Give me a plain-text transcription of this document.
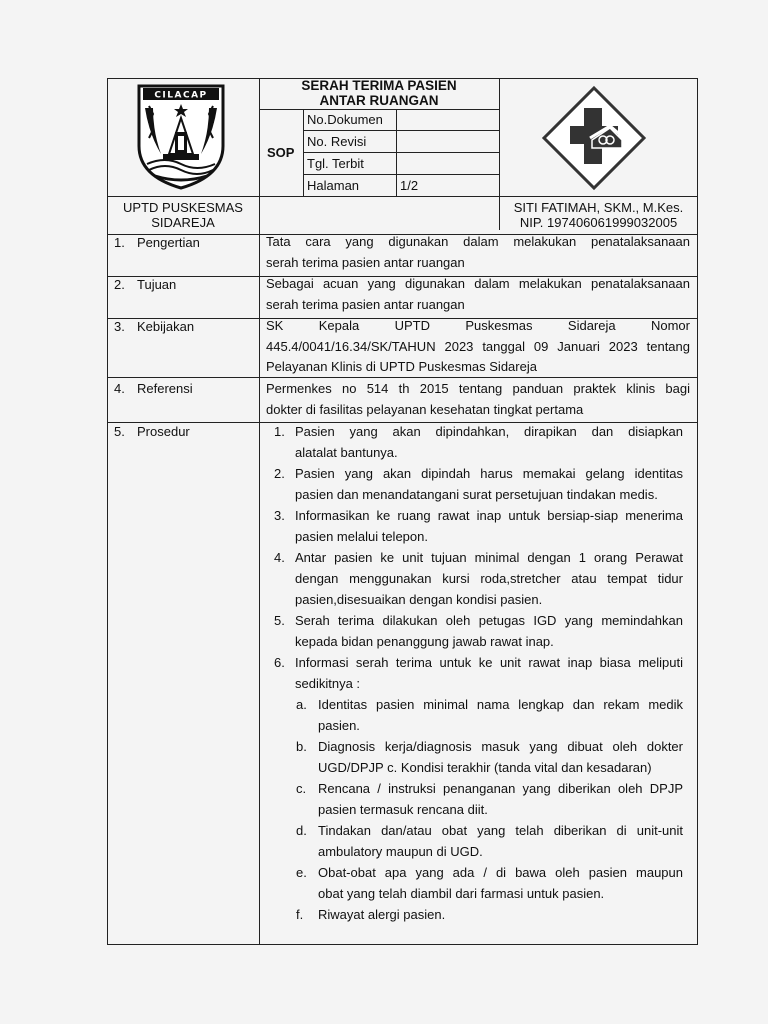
CILACAP
SERAH TERIMA PASIEN
ANTAR RUANGAN
SOP
No.Dokumen
No. Revisi
Tgl. Terbit
Halaman	1/2
UPTD PUSKESMAS
SIDAREJA
SITI FATIMAH, SKM., M.Kes.
NIP. 197406061999032005
1. Pengertian
2. Tujuan
3. Kebijakan
4. Referensi
5. Prosedur
Tata cara yang digunakan dalam melakukan penatalaksanaan
serah terima pasien antar ruangan
Sebagai acuan yang digunakan dalam melakukan penatalaksanaan
serah terima pasien antar ruangan
SK Kepala UPTD Puskesmas Sidareja Nomor
445.4/0041/16.34/SK/TAHUN 2023 tanggal 09 Januari 2023 tentang
Pelayanan Klinis di UPTD Puskesmas Sidareja
Permenkes no 514 th 2015 tentang panduan praktek klinis bagi
dokter di fasilitas pelayanan kesehatan tingkat pertama
1. Pasien yang akan dipindahkan, dirapikan dan disiapkan
alatalat bantunya.
2. Pasien yang akan dipindah harus memakai gelang identitas
pasien dan menandatangani surat persetujuan tindakan medis.
3. Informasikan ke ruang rawat inap untuk bersiap-siap menerima
pasien melalui telepon.
4. Antar pasien ke unit tujuan minimal dengan 1 orang Perawat
dengan menggunakan kursi roda,stretcher atau tempat tidur
pasien,disesuaikan dengan kondisi pasien.
5. Serah terima dilakukan oleh petugas IGD yang memindahkan
kepada bidan penanggung jawab rawat inap.
6. Informasi serah terima untuk ke unit rawat inap biasa meliputi
sedikitnya :
a. Identitas pasien minimal nama lengkap dan rekam medik
pasien.
b. Diagnosis kerja/diagnosis masuk yang dibuat oleh dokter
UGD/DPJP c. Kondisi terakhir (tanda vital dan kesadaran)
c. Rencana / instruksi penanganan yang diberikan oleh DPJP
pasien termasuk rencana diit.
d. Tindakan dan/atau obat yang telah diberikan di unit-unit
ambulatory maupun di UGD.
e. Obat-obat apa yang ada / di bawa oleh pasien maupun
obat yang telah diambil dari farmasi untuk pasien.
f. Riwayat alergi pasien.
